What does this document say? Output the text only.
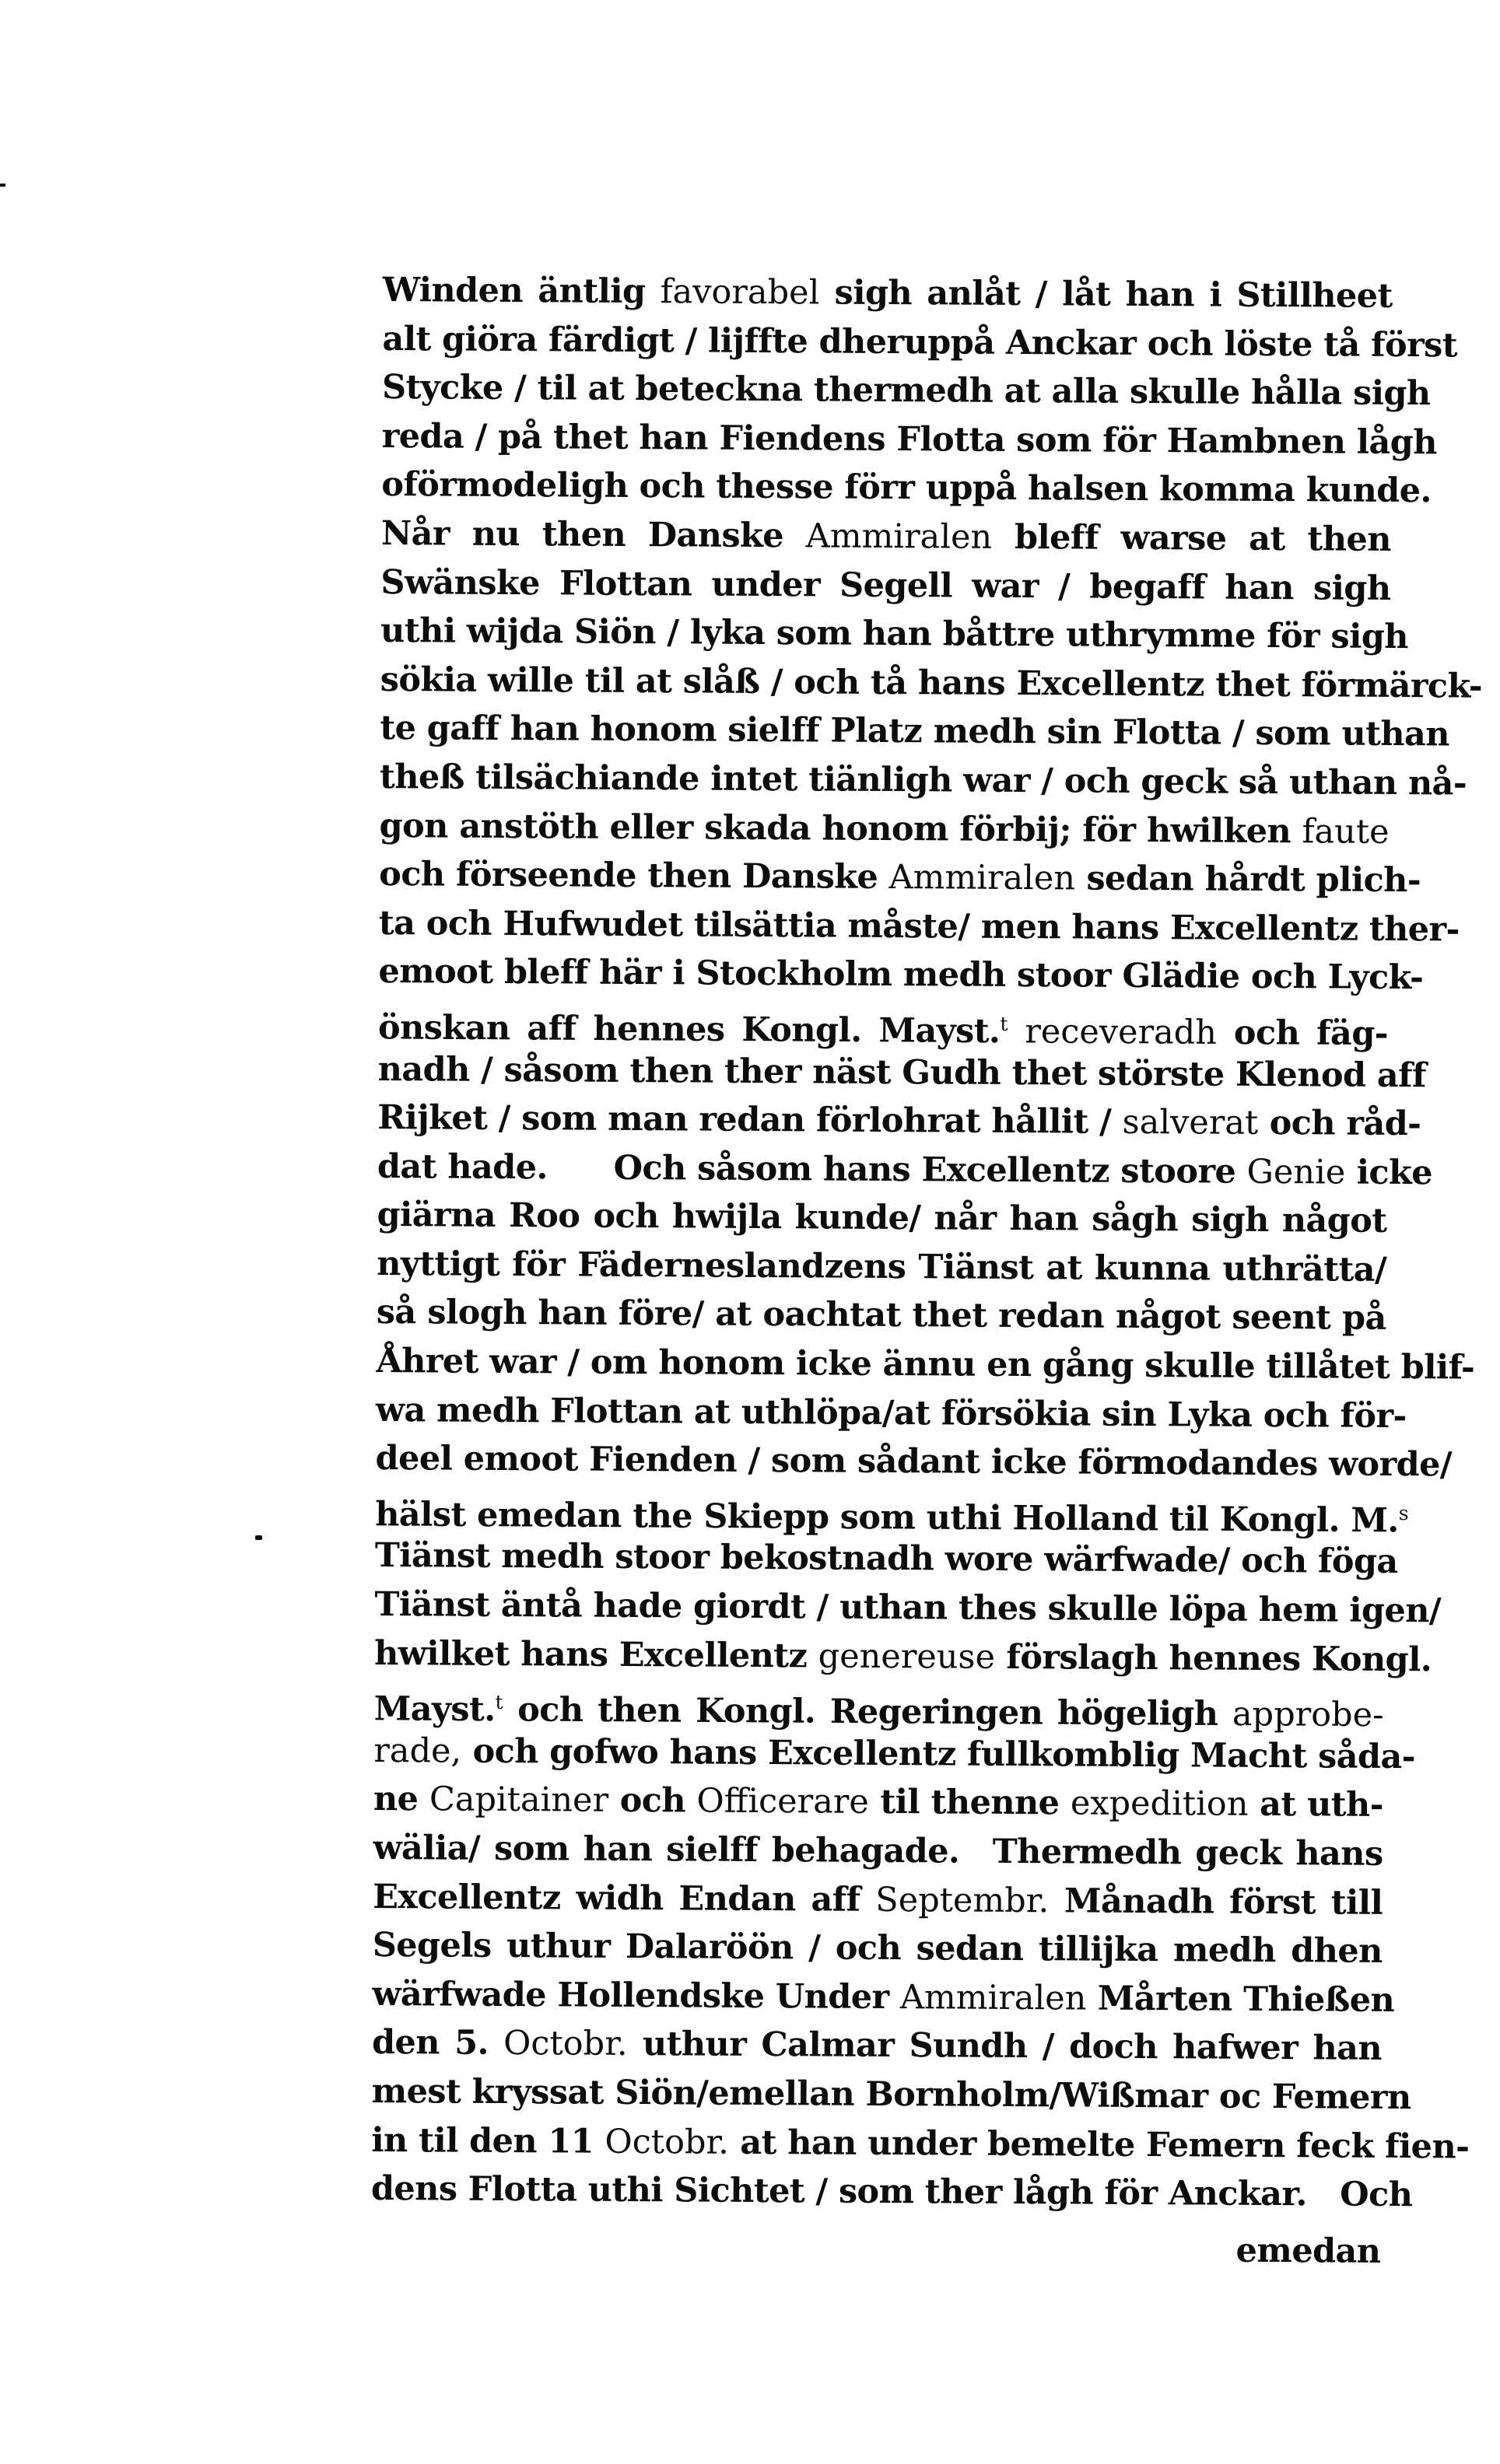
Winden äntlig favorabel sigh anlåt / låt han i Stillheet
alt giöra färdigt / lijffte dheruppå Anckar och löste tå först
Stycke / til at beteckna thermedh at alla skulle hålla sigh
reda / på thet han Fiendens Flotta som för Hambnen lågh
oförmodeligh och thesse förr uppå halsen komma kunde.
Når nu then Danske Ammiralen bleff warse at then
Swänske Flottan under Segell war / begaff han sigh
uthi wijda Siön / lyka som han båttre uthrymme för sigh
sökia wille til at slåß / och tå hans Excellentz thet förmärck-
te gaff han honom sielff Platz medh sin Flotta / som uthan
theß tilsächiande intet tiänligh war / och geck så uthan nå-
gon anstöth eller skada honom förbij; för hwilken faute
och förseende then Danske Ammiralen sedan hårdt plich-
ta och Hufwudet tilsättia måste/ men hans Excellentz ther-
emoot bleff här i Stockholm medh stoor Glädie och Lyck-
önskan aff hennes Kongl. Mayst.$^t$ receveradh och fäg-
nadh / såsom then ther näst Gudh thet störste Klenod aff
Rijket / som man redan förlohrat hållit / salverat och råd-
dat hade.   Och såsom hans Excellentz stoore Genie icke
giärna Roo och hwijla kunde/ når han sågh sigh något
nyttigt för Fäderneslandzens Tiänst at kunna uthrätta/
så slogh han före/ at oachtat thet redan något seent på
Åhret war / om honom icke ännu en gång skulle tillåtet blif-
wa medh Flottan at uthlöpa/at försökia sin Lyka och för-
deel emoot Fienden / som sådant icke förmodandes worde/
hälst emedan the Skiepp som uthi Holland til Kongl. M.$^s$
Tiänst medh stoor bekostnadh wore wärfwade/ och föga
Tiänst äntå hade giordt / uthan thes skulle löpa hem igen/
hwilket hans Excellentz genereuse förslagh hennes Kongl.
Mayst.$^t$ och then Kongl. Regeringen högeligh approbe-
rade, och gofwo hans Excellentz fullkomblig Macht såda-
ne Capitainer och Officerare til thenne expedition at uth-
wälia/ som han sielff behagade.  Thermedh geck hans
Excellentz widh Endan aff Septembr. Månadh först till
Segels uthur Dalaröön / och sedan tillijka medh dhen
wärfwade Hollendske Under Ammiralen Mårten Thießen
den 5. Octobr. uthur Calmar Sundh / doch hafwer han
mest kryssat Siön/emellan Bornholm/Wißmar oc Femern
in til den 11 Octobr. at han under bemelte Femern feck fien-
dens Flotta uthi Sichtet / som ther lågh för Anckar.  Och
emedan
